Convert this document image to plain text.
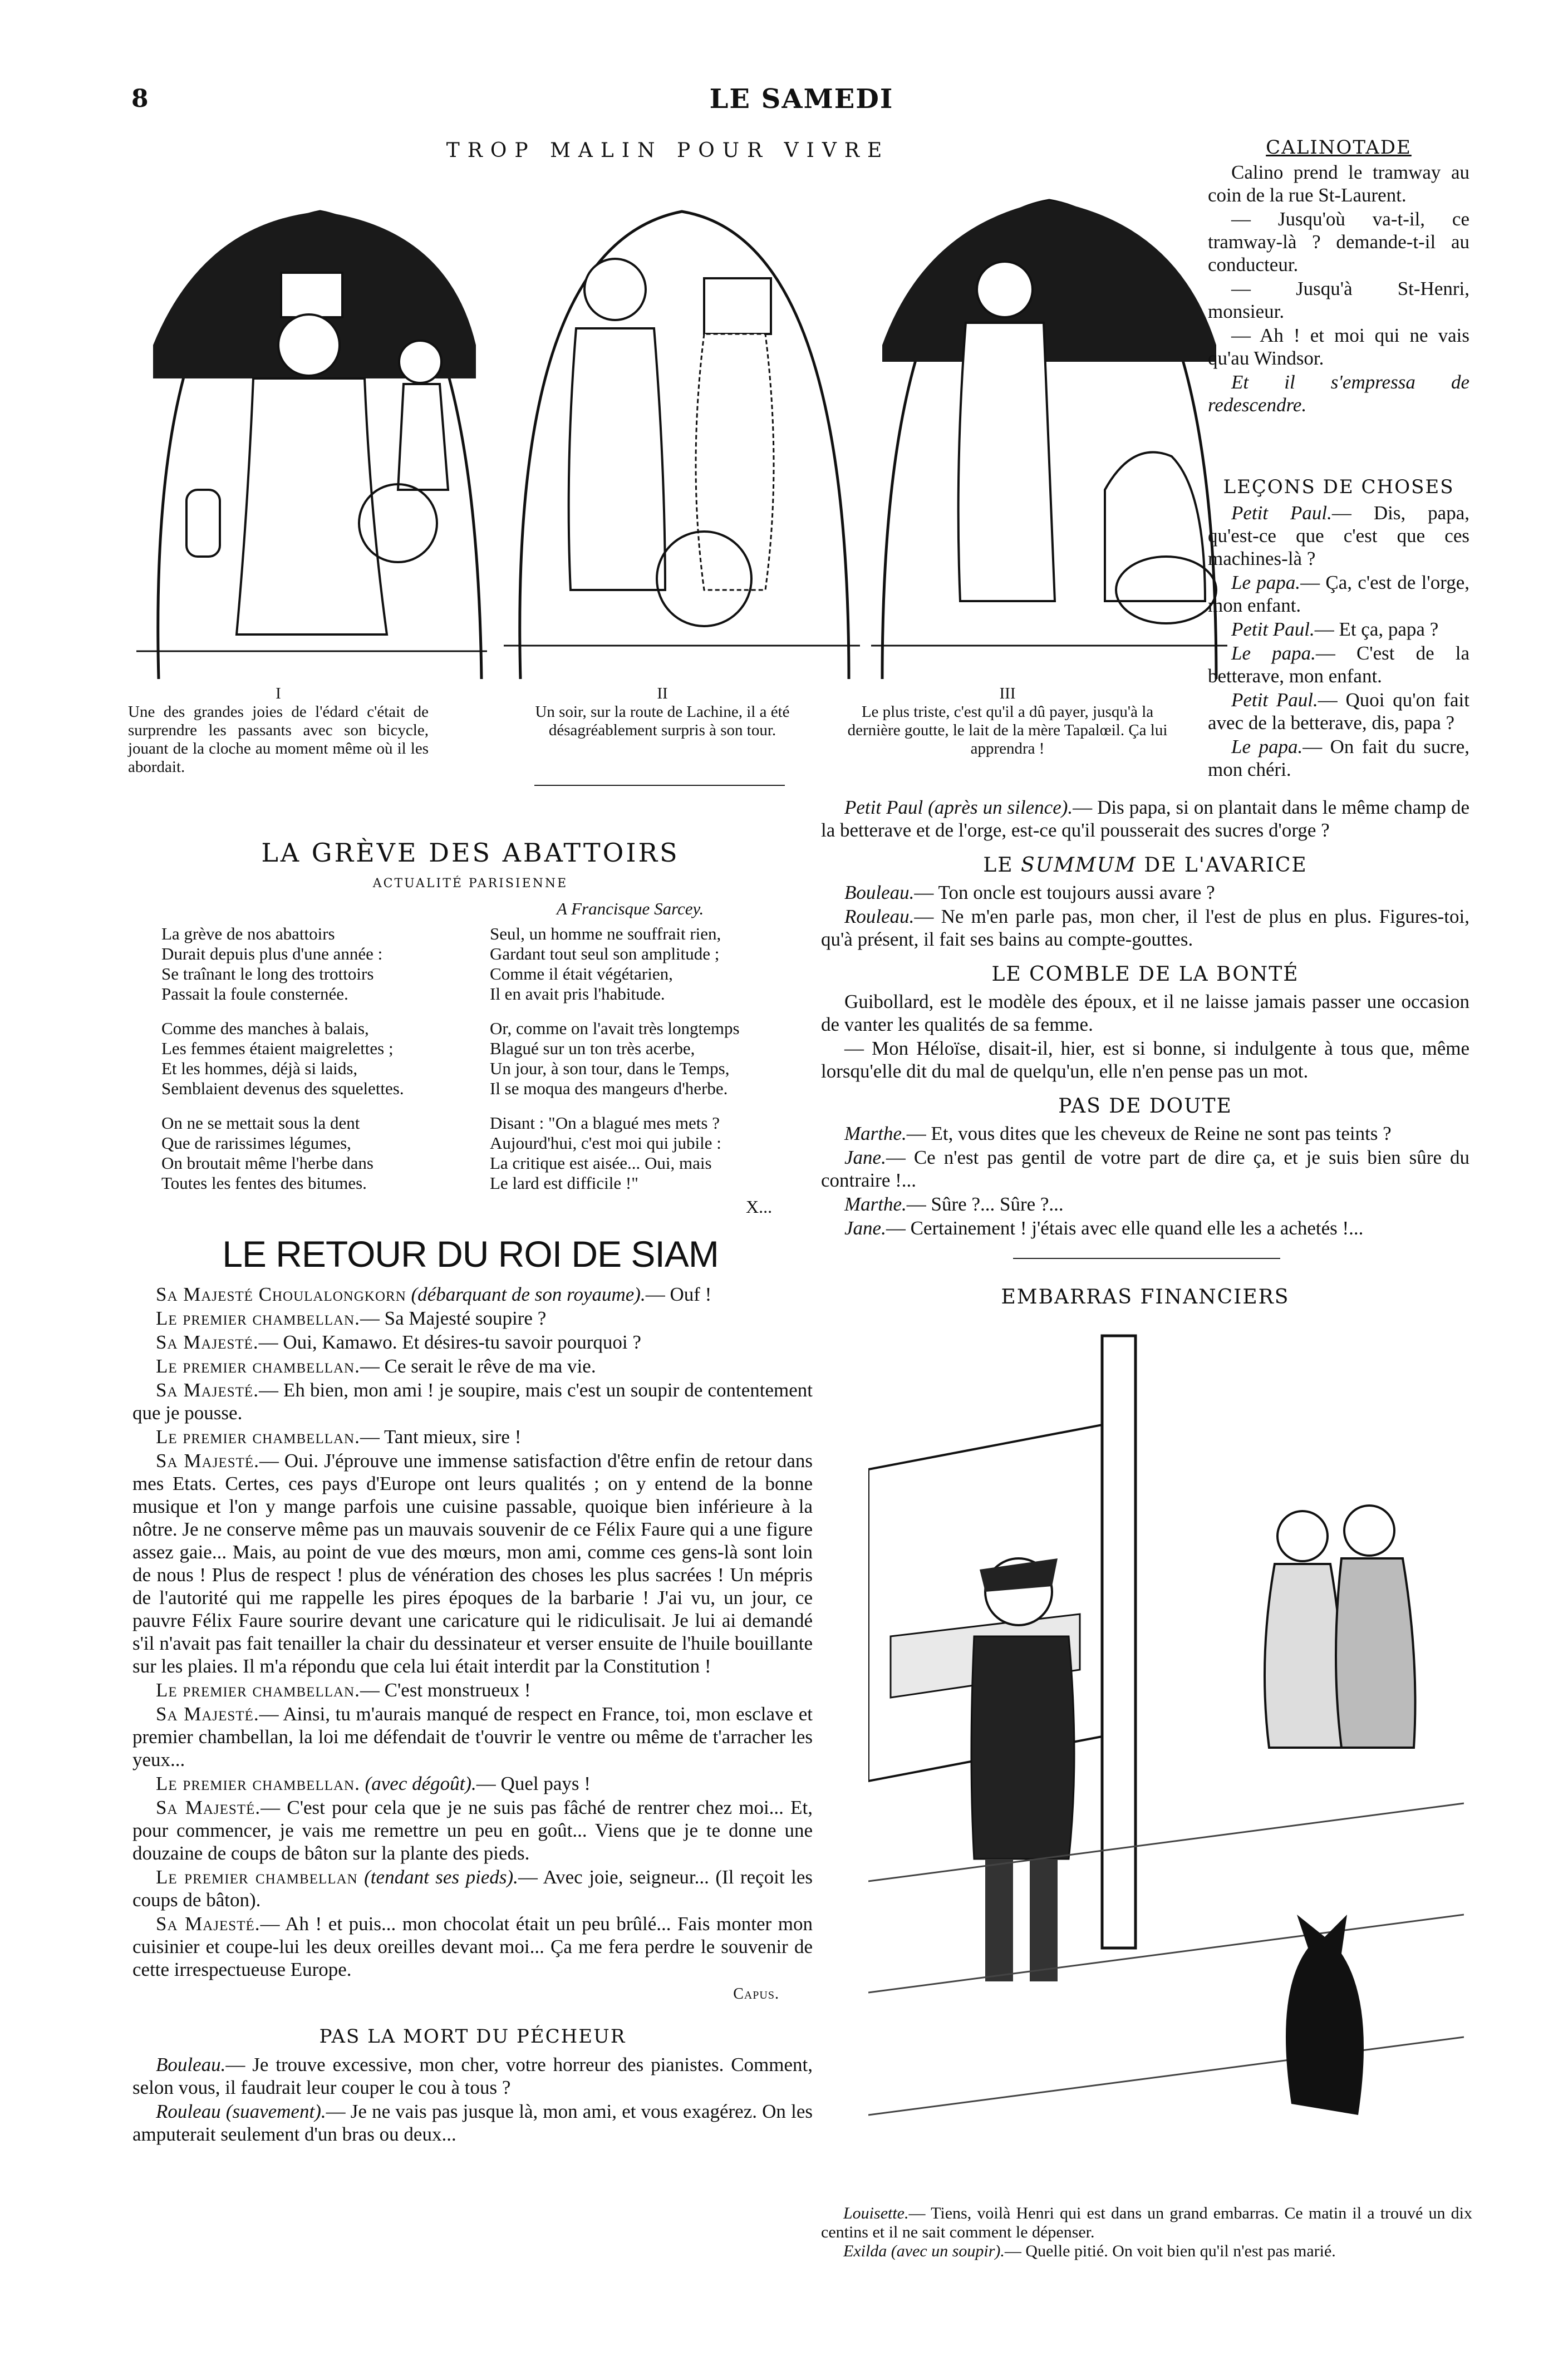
8	LE SAMEDI
TROP MALIN POUR VIVRE
I
Une des grandes joies de l'édard c'était de surprendre les passants avec son bicycle, jouant de la cloche au moment même où il les abordait.
II
Un soir, sur la route de Lachine, il a été désagréablement surpris à son tour.
III
Le plus triste, c'est qu'il a dû payer, jusqu'à la dernière goutte, le lait de la mère Tapalœil. Ça lui apprendra !
CALINOTADE

Calino prend le tramway au coin de la rue St-Laurent.

— Jusqu'où va-t-il, ce tramway-là ? demande-t-il au conducteur.

— Jusqu'à St-Henri, monsieur.

— Ah ! et moi qui ne vais qu'au Windsor.

Et il s'empressa de redescendre.

LEÇONS DE CHOSES

Petit Paul.— Dis, papa, qu'est-ce que c'est que ces machines-là ?

Le papa.— Ça, c'est de l'orge, mon enfant.

Petit Paul.— Et ça, papa ?

Le papa.— C'est de la betterave, mon enfant.

Petit Paul.— Quoi qu'on fait avec de la betterave, dis, papa ?

Le papa.— On fait du sucre, mon chéri.

Petit Paul (après un silence).— Dis papa, si on plantait dans le même champ de la betterave et de l'orge, est-ce qu'il pousserait des sucres d'orge ?

LE SUMMUM DE L'AVARICE

Bouleau.— Ton oncle est toujours aussi avare ?

Rouleau.— Ne m'en parle pas, mon cher, il l'est de plus en plus. Figures-toi, qu'à présent, il fait ses bains au compte-gouttes.

LE COMBLE DE LA BONTÉ

Guibollard, est le modèle des époux, et il ne laisse jamais passer une occasion de vanter les qualités de sa femme.

— Mon Héloïse, disait-il, hier, est si bonne, si indulgente à tous que, même lorsqu'elle dit du mal de quelqu'un, elle n'en pense pas un mot.

PAS DE DOUTE

Marthe.— Et, vous dites que les cheveux de Reine ne sont pas teints ?

Jane.— Ce n'est pas gentil de votre part de dire ça, et je suis bien sûre du contraire !...

Marthe.— Sûre ?... Sûre ?...

Jane.— Certainement ! j'étais avec elle quand elle les a achetés !...

EMBARRAS FINANCIERS
Louisette.— Tiens, voilà Henri qui est dans un grand embarras. Ce matin il a trouvé un dix centins et il ne sait comment le dépenser.
Exilda (avec un soupir).— Quelle pitié. On voit bien qu'il n'est pas marié.
LA GRÈVE DES ABATTOIRS
ACTUALITÉ PARISIENNE
A Francisque Sarcey.
La grève de nos abattoirs
Durait depuis plus d'une année :
Se traînant le long des trottoirs
Passait la foule consternée.
Comme des manches à balais,
Les femmes étaient maigrelettes ;
Et les hommes, déjà si laids,
Semblaient devenus des squelettes.
On ne se mettait sous la dent
Que de rarissimes légumes,
On broutait même l'herbe dans
Toutes les fentes des bitumes.
Seul, un homme ne souffrait rien,
Gardant tout seul son amplitude ;
Comme il était végétarien,
Il en avait pris l'habitude.
Or, comme on l'avait très longtemps
Blagué sur un ton très acerbe,
Un jour, à son tour, dans le Temps,
Il se moqua des mangeurs d'herbe.
Disant : "On a blagué mes mets ?
Aujourd'hui, c'est moi qui jubile :
La critique est aisée... Oui, mais
Le lard est difficile !"
X...
LE RETOUR DU ROI DE SIAM

Sa Majesté Choulalongkorn (débarquant de son royaume).— Ouf !

Le premier chambellan.— Sa Majesté soupire ?

Sa Majesté.— Oui, Kamawo. Et désires-tu savoir pourquoi ?

Le premier chambellan.— Ce serait le rêve de ma vie.

Sa Majesté.— Eh bien, mon ami ! je soupire, mais c'est un soupir de contentement que je pousse.

Le premier chambellan.— Tant mieux, sire !

Sa Majesté.— Oui. J'éprouve une immense satisfaction d'être enfin de retour dans mes Etats. Certes, ces pays d'Europe ont leurs qualités ; on y entend de la bonne musique et l'on y mange parfois une cuisine passable, quoique bien inférieure à la nôtre. Je ne conserve même pas un mauvais souvenir de ce Félix Faure qui a une figure assez gaie... Mais, au point de vue des mœurs, mon ami, comme ces gens-là sont loin de nous ! Plus de respect ! plus de vénération des choses les plus sacrées ! Un mépris de l'autorité qui me rappelle les pires époques de la barbarie ! J'ai vu, un jour, ce pauvre Félix Faure sourire devant une caricature qui le ridiculisait. Je lui ai demandé s'il n'avait pas fait tenailler la chair du dessinateur et verser ensuite de l'huile bouillante sur les plaies. Il m'a répondu que cela lui était interdit par la Constitution !

Le premier chambellan.— C'est monstrueux !

Sa Majesté.— Ainsi, tu m'aurais manqué de respect en France, toi, mon esclave et premier chambellan, la loi me défendait de t'ouvrir le ventre ou même de t'arracher les yeux...

Le premier chambellan. (avec dégoût).— Quel pays !

Sa Majesté.— C'est pour cela que je ne suis pas fâché de rentrer chez moi... Et, pour commencer, je vais me remettre un peu en goût... Viens que je te donne une douzaine de coups de bâton sur la plante des pieds.

Le premier chambellan (tendant ses pieds).— Avec joie, seigneur... (Il reçoit les coups de bâton).

Sa Majesté.— Ah ! et puis... mon chocolat était un peu brûlé... Fais monter mon cuisinier et coupe-lui les deux oreilles devant moi... Ça me fera perdre le souvenir de cette irrespectueuse Europe.

Capus.
PAS LA MORT DU PÉCHEUR

Bouleau.— Je trouve excessive, mon cher, votre horreur des pianistes. Comment, selon vous, il faudrait leur couper le cou à tous ?

Rouleau (suavement).— Je ne vais pas jusque là, mon ami, et vous exagérez. On les amputerait seulement d'un bras ou deux...
